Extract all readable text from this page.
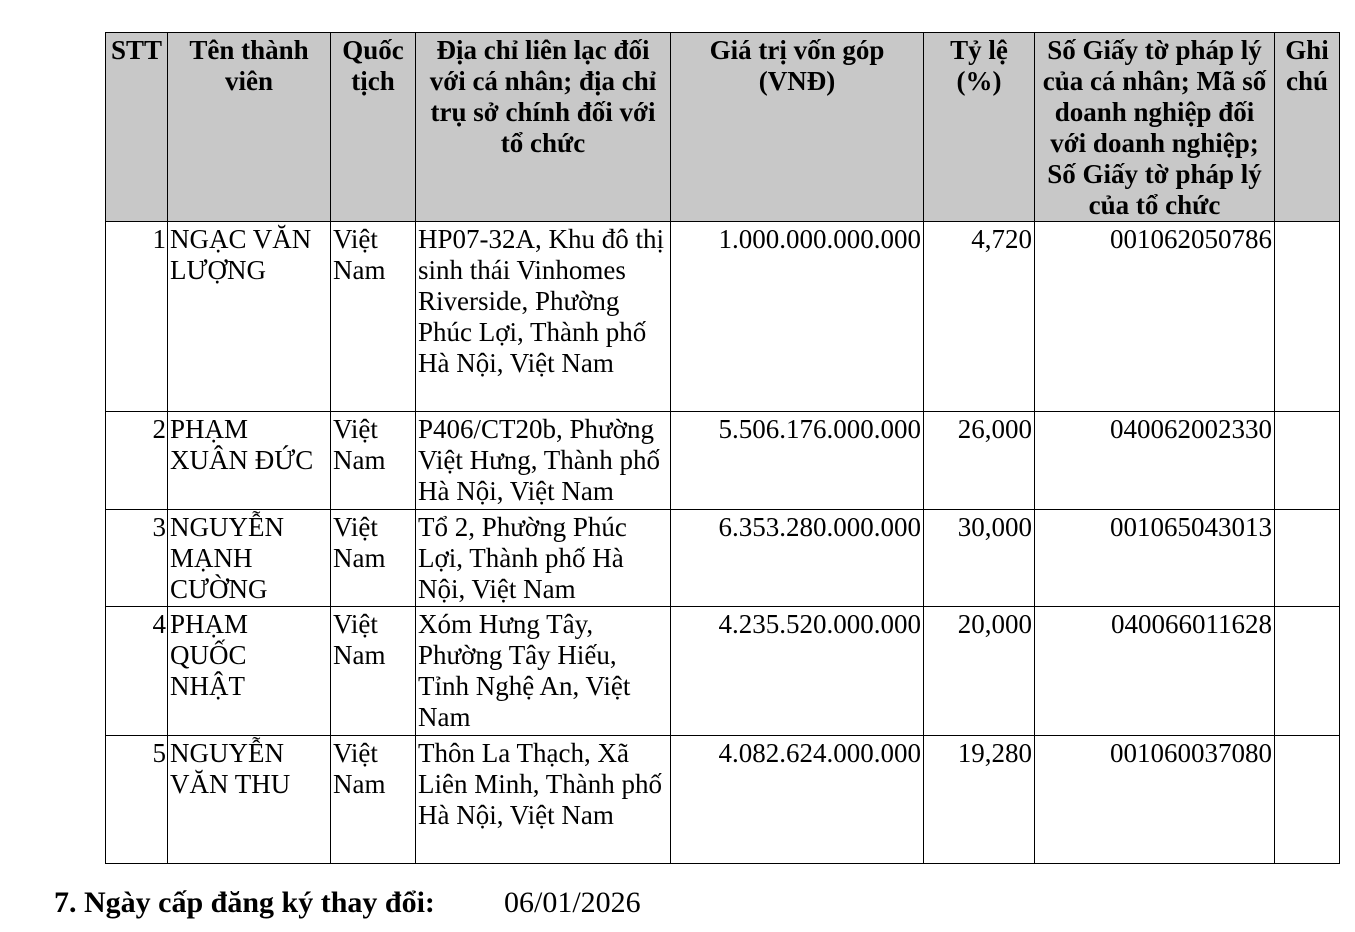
STT	Tên thành viên	Quốc tịch	Địa chỉ liên lạc đối với cá nhân; địa chỉ trụ sở chính đối với tổ chức	Giá trị vốn góp (VNĐ)	Tỷ lệ (%)	Số Giấy tờ pháp lý của cá nhân; Mã số doanh nghiệp đối với doanh nghiệp; Số Giấy tờ pháp lý của tổ chức	Ghi chú
1	NGẠC VĂN LƯỢNG	Việt Nam	HP07-32A, Khu đô thị sinh thái Vinhomes Riverside, Phường Phúc Lợi, Thành phố Hà Nội, Việt Nam	1.000.000.000.000	4,720	001062050786	
2	PHẠM XUÂN ĐỨC	Việt Nam	P406/CT20b, Phường Việt Hưng, Thành phố Hà Nội, Việt Nam	5.506.176.000.000	26,000	040062002330	
3	NGUYỄN MẠNH CƯỜNG	Việt Nam	Tổ 2, Phường Phúc Lợi, Thành phố Hà Nội, Việt Nam	6.353.280.000.000	30,000	001065043013	
4	PHẠM QUỐC NHẬT	Việt Nam	Xóm Hưng Tây, Phường Tây Hiếu, Tỉnh Nghệ An, Việt Nam	4.235.520.000.000	20,000	040066011628	
5	NGUYỄN VĂN THU	Việt Nam	Thôn La Thạch, Xã Liên Minh, Thành phố Hà Nội, Việt Nam	4.082.624.000.000	19,280	001060037080	
7. Ngày cấp đăng ký thay đổi: 06/01/2026
